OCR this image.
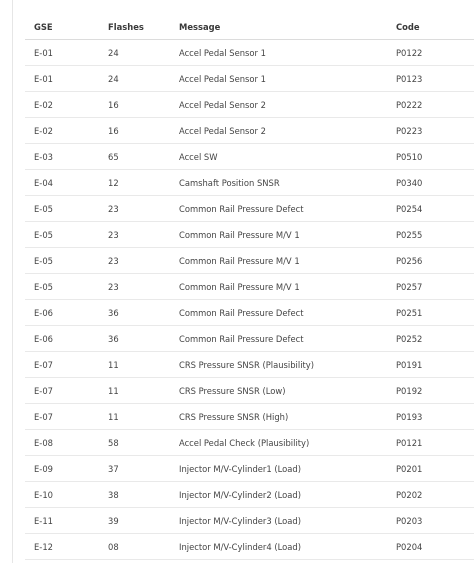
GSE	Flashes	Message	Code
E-01	24	Accel Pedal Sensor 1	P0122
E-01	24	Accel Pedal Sensor 1	P0123
E-02	16	Accel Pedal Sensor 2	P0222
E-02	16	Accel Pedal Sensor 2	P0223
E-03	65	Accel SW	P0510
E-04	12	Camshaft Position SNSR	P0340
E-05	23	Common Rail Pressure Defect	P0254
E-05	23	Common Rail Pressure M/V 1	P0255
E-05	23	Common Rail Pressure M/V 1	P0256
E-05	23	Common Rail Pressure M/V 1	P0257
E-06	36	Common Rail Pressure Defect	P0251
E-06	36	Common Rail Pressure Defect	P0252
E-07	11	CRS Pressure SNSR (Plausibility)	P0191
E-07	11	CRS Pressure SNSR (Low)	P0192
E-07	11	CRS Pressure SNSR (High)	P0193
E-08	58	Accel Pedal Check (Plausibility)	P0121
E-09	37	Injector M/V-Cylinder1 (Load)	P0201
E-10	38	Injector M/V-Cylinder2 (Load)	P0202
E-11	39	Injector M/V-Cylinder3 (Load)	P0203
E-12	08	Injector M/V-Cylinder4 (Load)	P0204
